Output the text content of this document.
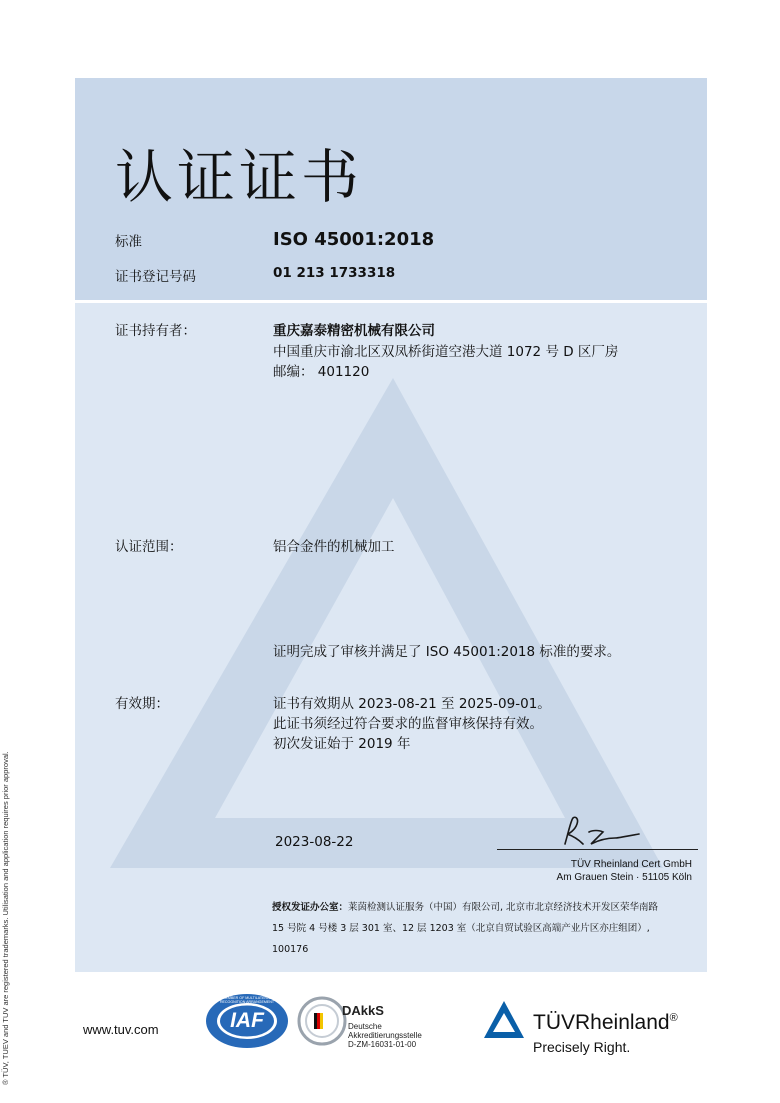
认证证书
标准	ISO 45001:2018
证书登记号码	01 213 1733318
证书持有者：	重庆嘉泰精密机械有限公司
中国重庆市渝北区双凤桥街道空港大道 1072 号 D 区厂房
邮编： 401120
认证范围：	铝合金件的机械加工
证明完成了审核并满足了 ISO 45001:2018 标准的要求。
有效期：	证书有效期从 2023-08-21 至 2025-09-01。
此证书须经过符合要求的监督审核保持有效。
初次发证始于 2019 年
2023-08-22
TÜV Rheinland Cert GmbH
Am Grauen Stein · 51105 Köln
授权发证办公室：莱茵检测认证服务（中国）有限公司, 北京市北京经济技术开发区荣华南路
15 号院 4 号楼 3 层 301 室、12 层 1203 室（北京自贸试验区高端产业片区亦庄组团）,
100176
® TÜV, TUEV and TUV are registered trademarks. Utilisation and application requires prior approval.	www.tuv.com	IAF
MEMBER OF MULTILATERAL RECOGNITION ARRANGEMENT
DAkkS
Deutsche
Akkreditierungsstelle
D-ZM-16031-01-00
TÜVRheinland®
Precisely Right.
